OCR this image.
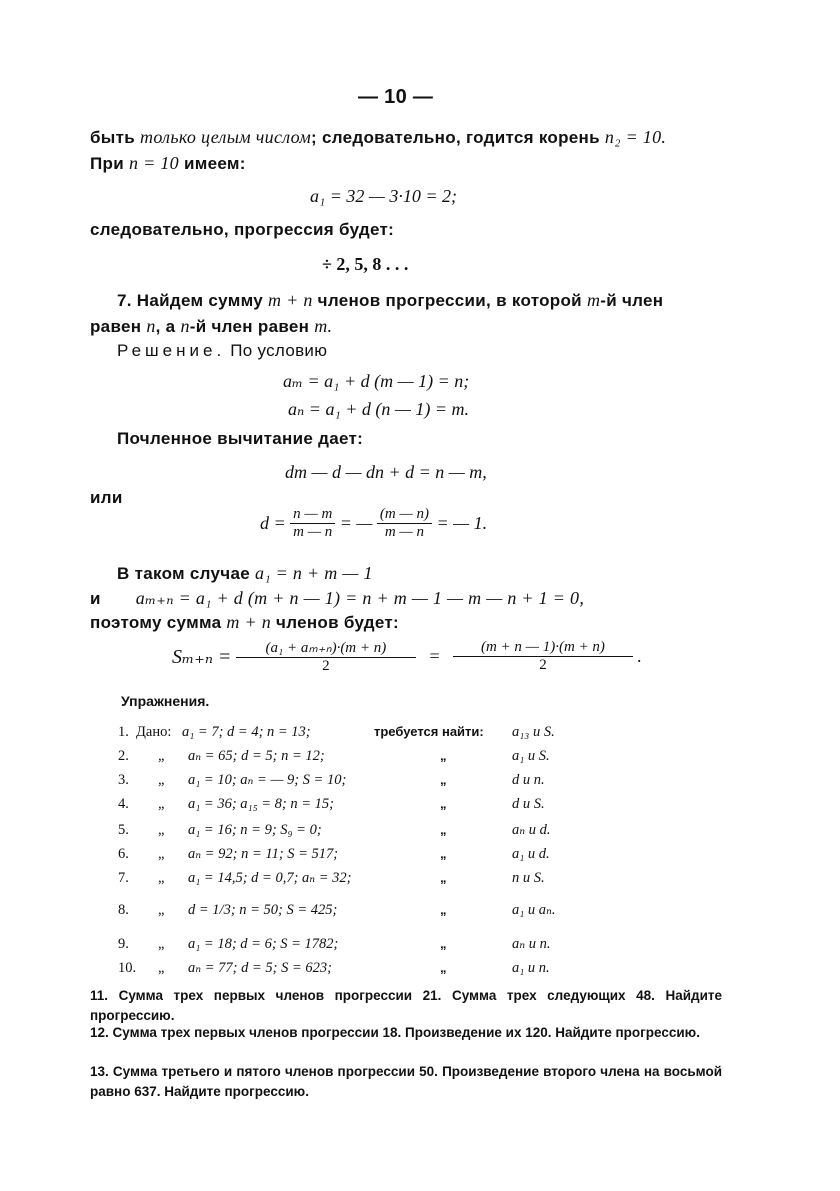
— 10 —
быть только целым числом; следовательно, годится корень n₂ = 10.
При n = 10 имеем:
a₁ = 32 — 3·10 = 2;
следовательно, прогрессия будет:
÷ 2, 5, 8 . . .
7. Найдем сумму m + n членов прогрессии, в которой m-й член
равен n, а n-й член равен m.
Решение. По условию
aₘ = a₁ + d (m — 1) = n;
aₙ = a₁ + d (n — 1) = m.
Почленное вычитание дает:
dm — d — dn + d = n — m,
или
$d = \frac{n — m}{m — n}$ = — $\frac{(m — n)}{m — n}$ = — 1.
В таком случае a₁ = n + m — 1
и aₘ₊ₙ = a₁ + d (m + n — 1) = n + m — 1 — m — n + 1 = 0,
поэтому сумма m + n членов будет:
$S_{m+n} = \frac{\text{(a₁ + aₘ₊ₙ)·(m + n)}}{2} = \frac{(m + n — 1)\cdot(m + n)}{2}$ .
Упражнения.
1. Дано: a₁ = 7; d = 4; n = 13;	требуется найти: a₁₃ и S.
2. „ aₙ = 65; d = 5; n = 12;	„	a₁ и S.
3. „ a₁ = 10; aₙ = — 9; S = 10;	„	d и n.
4. „ a₁ = 36; a₁₅ = 8; n = 15;	„	d и S.
5. „ a₁ = 16; n = 9; S₉ = 0;	„	aₙ и d.
6. „ aₙ = 92; n = 11; S = 517;	„	a₁ и d.
7. „ a₁ = 14,5; d = 0,7; aₙ = 32;	„	n и S.
8. „ d = 1/3; n = 50; S = 425;	„	a₁ и aₙ.
9. „ a₁ = 18; d = 6; S = 1782;	„	aₙ и n.
10. „ aₙ = 77; d = 5; S = 623;	„	a₁ и n.
11. Сумма трех первых членов прогрессии 21. Сумма трех следующих 48. Найдите прогрессию.
12. Сумма трех первых членов прогрессии 18. Произведение их 120. Найдите прогрессию.
13. Сумма третьего и пятого членов прогрессии 50. Произведение второго члена на восьмой равно 637. Найдите прогрессию.
